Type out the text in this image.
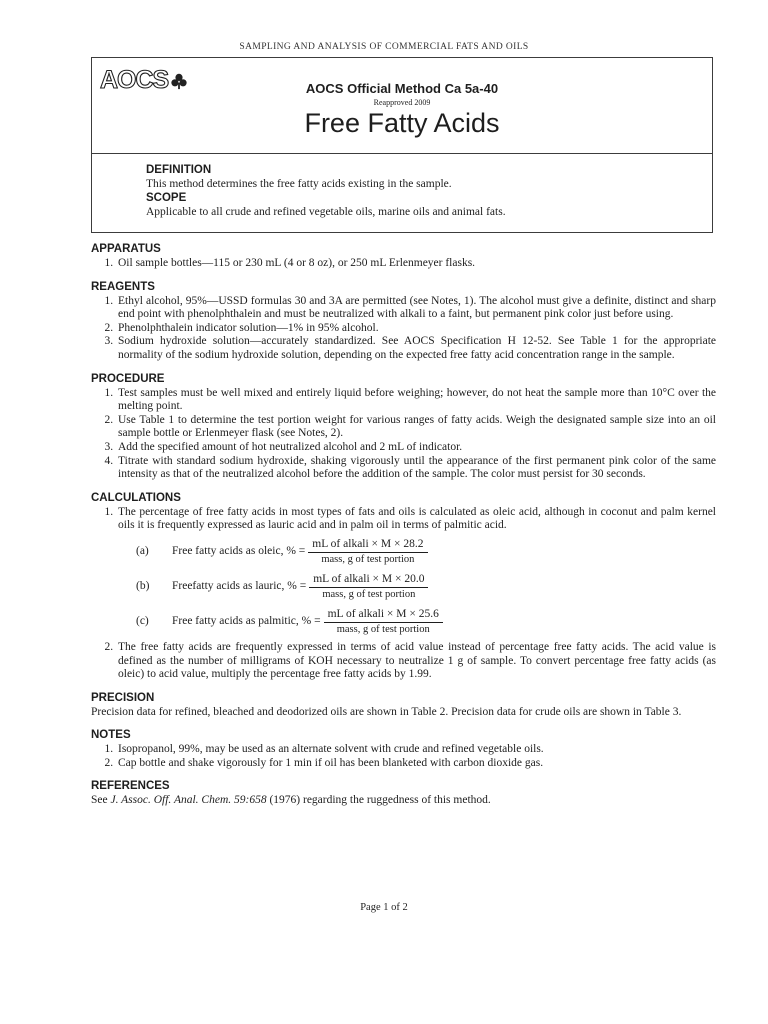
SAMPLING AND ANALYSIS OF COMMERCIAL FATS AND OILS
AOCS	AOCS Official Method Ca 5a-40
Reapproved 2009
Free Fatty Acids
DEFINITION
This method determines the free fatty acids existing in the sample.
SCOPE
Applicable to all crude and refined vegetable oils, marine oils and animal fats.
APPARATUS
1. Oil sample bottles—115 or 230 mL (4 or 8 oz), or 250 mL Erlenmeyer flasks.
REAGENTS
1. Ethyl alcohol, 95%—USSD formulas 30 and 3A are permitted (see Notes, 1). The alcohol must give a definite, distinct and sharp end point with phenolphthalein and must be neutralized with alkali to a faint, but permanent pink color just before using.
2. Phenolphthalein indicator solution—1% in 95% alcohol.
3. Sodium hydroxide solution—accurately standardized. See AOCS Specification H 12-52. See Table 1 for the appropriate normality of the sodium hydroxide solution, depending on the expected free fatty acid concentration range in the sample.
PROCEDURE
1. Test samples must be well mixed and entirely liquid before weighing; however, do not heat the sample more than 10°C over the melting point.
2. Use Table 1 to determine the test portion weight for various ranges of fatty acids. Weigh the designated sample size into an oil sample bottle or Erlenmeyer flask (see Notes, 2).
3. Add the specified amount of hot neutralized alcohol and 2 mL of indicator.
4. Titrate with standard sodium hydroxide, shaking vigorously until the appearance of the first permanent pink color of the same intensity as that of the neutralized alcohol before the addition of the sample. The color must persist for 30 seconds.
CALCULATIONS
1. The percentage of free fatty acids in most types of fats and oils is calculated as oleic acid, although in coconut and palm kernel oils it is frequently expressed as lauric acid and in palm oil in terms of palmitic acid.
(a)	Free fatty acids as oleic, % = $\frac{\text{mL of alkali × M × 28.2}}{\text{mass, g of test portion}}$
(b)	Freefatty acids as lauric, % = $\frac{\text{mL of alkali × M × 20.0}}{\text{mass, g of test portion}}$
(c)	Free fatty acids as palmitic, % = $\frac{\text{mL of alkali × M × 25.6}}{\text{mass, g of test portion}}$
2. The free fatty acids are frequently expressed in terms of acid value instead of percentage free fatty acids. The acid value is defined as the number of milligrams of KOH necessary to neutralize 1 g of sample. To convert percentage free fatty acids (as oleic) to acid value, multiply the percentage free fatty acids by 1.99.
PRECISION
Precision data for refined, bleached and deodorized oils are shown in Table 2. Precision data for crude oils are shown in Table 3.
NOTES
1. Isopropanol, 99%, may be used as an alternate solvent with crude and refined vegetable oils.
2. Cap bottle and shake vigorously for 1 min if oil has been blanketed with carbon dioxide gas.
REFERENCES
See J. Assoc. Off. Anal. Chem. 59:658 (1976) regarding the ruggedness of this method.
Page 1 of 2
